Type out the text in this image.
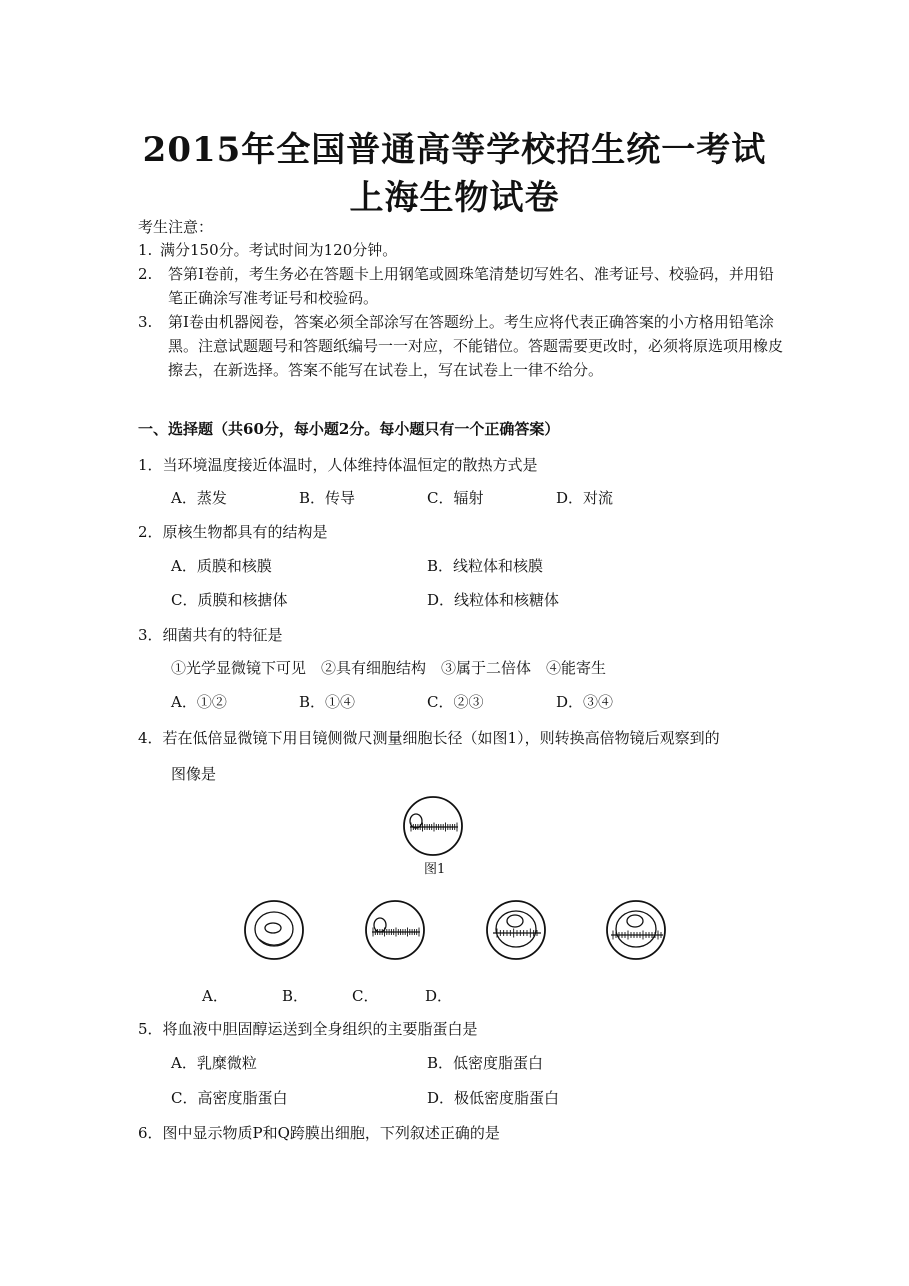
2015年全国普通高等学校招生统一考试
上海生物试卷
考生注意：
1. 满分150分。考试时间为120分钟。
2. 答第Ⅰ卷前，考生务必在答题卡上用钢笔或圆珠笔清楚切写姓名、准考证号、校验码，并用铅笔正确涂写准考证号和校验码。
3. 第Ⅰ卷由机器阅卷，答案必须全部涂写在答题纷上。考生应将代表正确答案的小方格用铅笔涂黑。注意试题题号和答题纸编号一一对应，不能错位。答题需要更改时，必须将原选项用橡皮擦去，在新选择。答案不能写在试卷上，写在试卷上一律不给分。
一、选择题（共60分，每小题2分。每小题只有一个正确答案）
1．当环境温度接近体温时，人体维持体温恒定的散热方式是
A．蒸发	B．传导	C．辐射	D．对流
2．原核生物都具有的结构是
A．质膜和核膜	B．线粒体和核膜
C．质膜和核搪体	D．线粒体和核糖体
3．细菌共有的特征是
①光学显微镜下可见　②具有细胞结构　③属于二倍体　④能寄生
A．①②	B．①④	C．②③	D．③④
4．若在低倍显微镜下用目镜侧微尺测量细胞长径（如图1），则转换高倍物镜后观察到的
图像是
图1
A．	B．	C．	D．
5．将血液中胆固醇运送到全身组织的主要脂蛋白是
A．乳糜微粒	B．低密度脂蛋白
C．高密度脂蛋白	D．极低密度脂蛋白
6．图中显示物质P和Q跨膜出细胞，下列叙述正确的是
